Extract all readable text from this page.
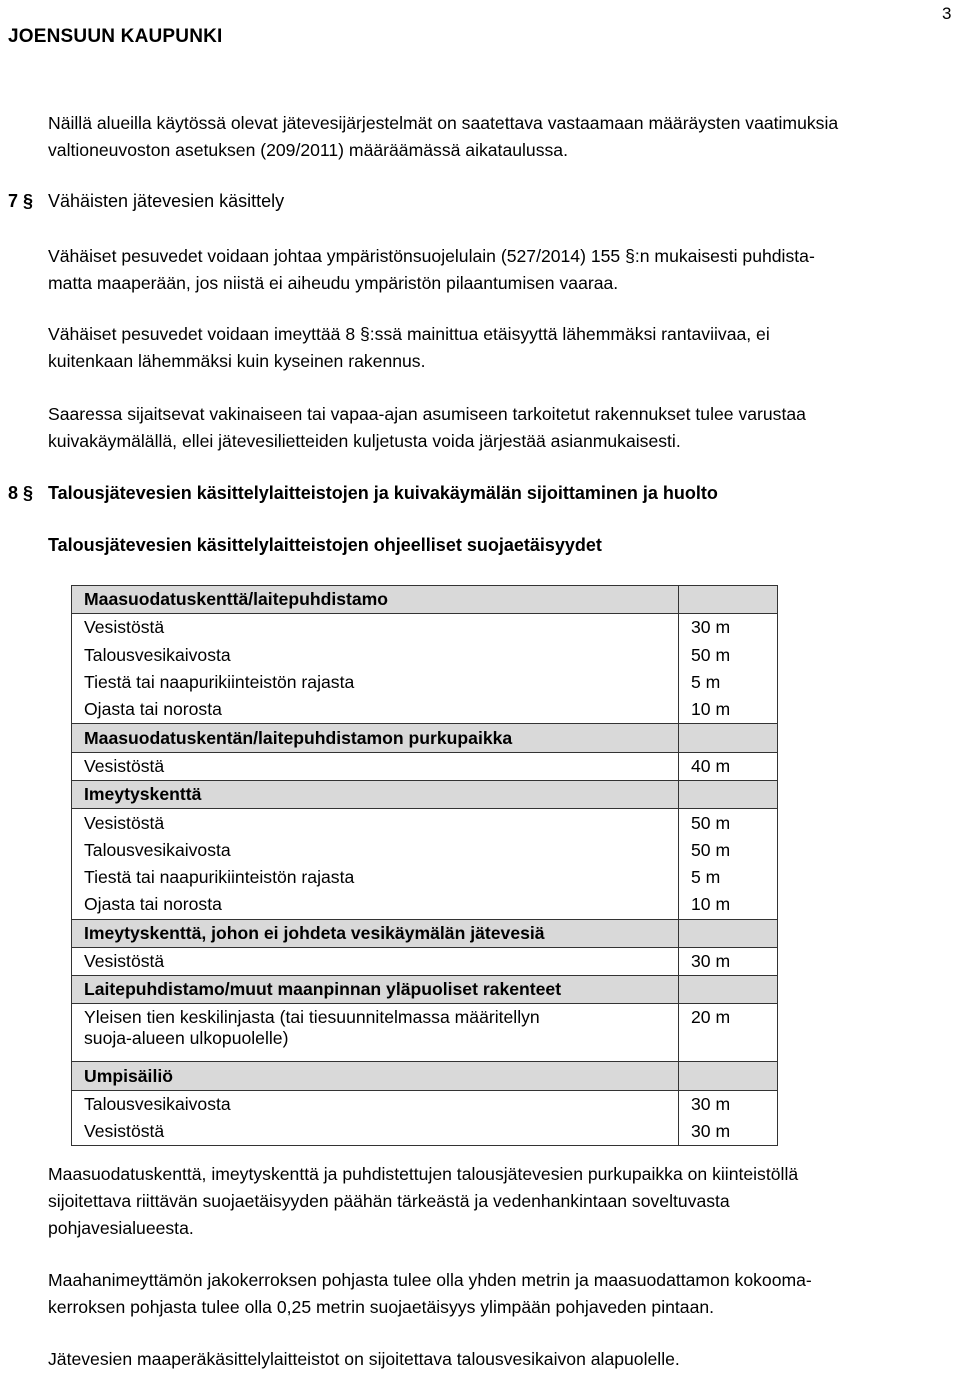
JOENSUUN KAUPUNKI
3
Näillä alueilla käytössä olevat jätevesijärjestelmät on saatettava vastaamaan määräysten vaatimuksia
valtioneuvoston asetuksen (209/2011) määräämässä aikataulussa.
7 § Vähäisten jätevesien käsittely
Vähäiset pesuvedet voidaan johtaa ympäristönsuojelulain (527/2014) 155 §:n mukaisesti puhdista-
matta maaperään, jos niistä ei aiheudu ympäristön pilaantumisen vaaraa.
Vähäiset pesuvedet voidaan imeyttää 8 §:ssä mainittua etäisyyttä lähemmäksi rantaviivaa, ei
kuitenkaan lähemmäksi kuin kyseinen rakennus.
Saaressa sijaitsevat vakinaiseen tai vapaa-ajan asumiseen tarkoitetut rakennukset tulee varustaa
kuivakäymälällä, ellei jätevesilietteiden kuljetusta voida järjestää asianmukaisesti.
8 § Talousjätevesien käsittelylaitteistojen ja kuivakäymälän sijoittaminen ja huolto
Talousjätevesien käsittelylaitteistojen ohjeelliset suojaetäisyydet
Maasuodatuskenttä/laitepuhdistamo	
Vesistöstä	30 m
Talousvesikaivosta	50 m
Tiestä tai naapurikiinteistön rajasta	5 m
Ojasta tai norosta	10 m
Maasuodatuskentän/laitepuhdistamon purkupaikka	
Vesistöstä	40 m
Imeytyskenttä	
Vesistöstä	50 m
Talousvesikaivosta	50 m
Tiestä tai naapurikiinteistön rajasta	5 m
Ojasta tai norosta	10 m
Imeytyskenttä, johon ei johdeta vesikäymälän jätevesiä	
Vesistöstä	30 m
Laitepuhdistamo/muut maanpinnan yläpuoliset rakenteet	

Yleisen tien keskilinjasta (tai tiesuunnitelmassa määritellyn
suoja-alueen ulkopuolelle)	20 m
Umpisäiliö	
Talousvesikaivosta	30 m
Vesistöstä	30 m
Maasuodatuskenttä, imeytyskenttä ja puhdistettujen talousjätevesien purkupaikka on kiinteistöllä
sijoitettava riittävän suojaetäisyyden päähän tärkeästä ja vedenhankintaan soveltuvasta
pohjavesialueesta.
Maahanimeyttämön jakokerroksen pohjasta tulee olla yhden metrin ja maasuodattamon kokooma-
kerroksen pohjasta tulee olla 0,25 metrin suojaetäisyys ylimpään pohjaveden pintaan.
Jätevesien maaperäkäsittelylaitteistot on sijoitettava talousvesikaivon alapuolelle.
